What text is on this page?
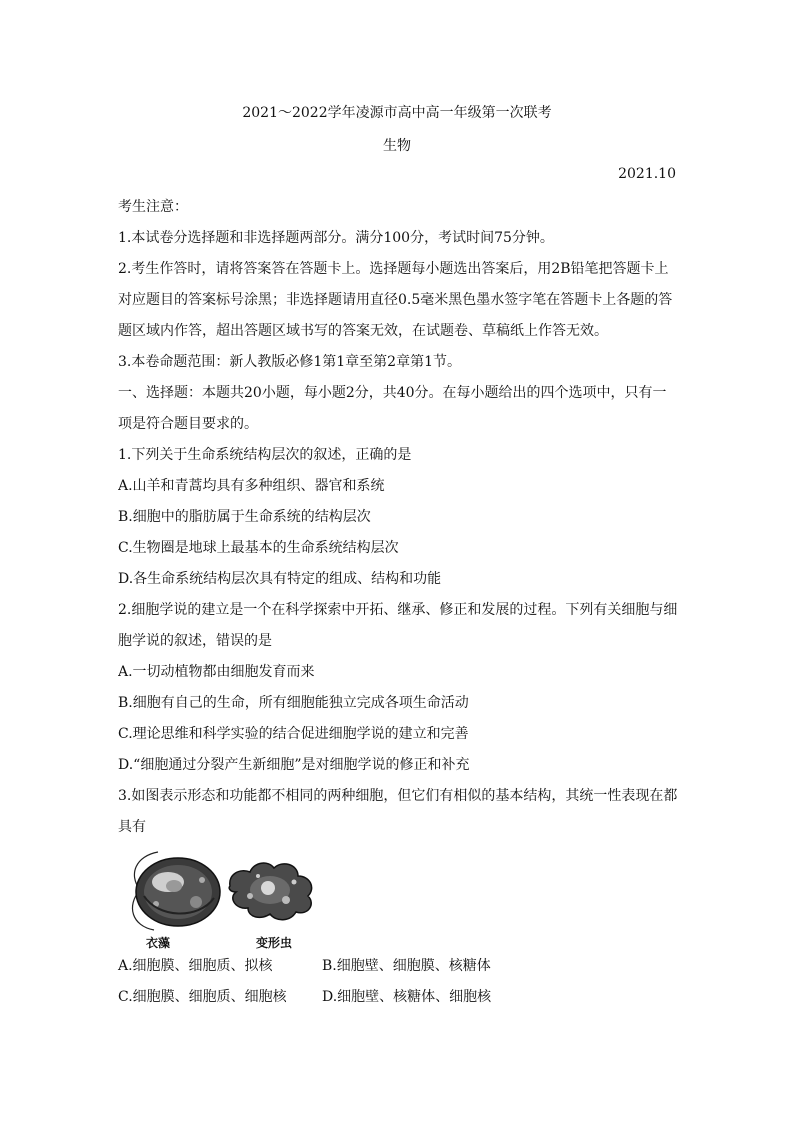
2021～2022学年凌源市高中高一年级第一次联考
生物
2021.10
考生注意：
1.本试卷分选择题和非选择题两部分。满分100分，考试时间75分钟。
2.考生作答时，请将答案答在答题卡上。选择题每小题选出答案后，用2B铅笔把答题卡上
对应题目的答案标号涂黑；非选择题请用直径0.5毫米黑色墨水签字笔在答题卡上各题的答
题区域内作答，超出答题区域书写的答案无效，在试题卷、草稿纸上作答无效。
3.本卷命题范围：新人教版必修1第1章至第2章第1节。
一、选择题：本题共20小题，每小题2分，共40分。在每小题给出的四个选项中，只有一
项是符合题目要求的。
1.下列关于生命系统结构层次的叙述，正确的是
A.山羊和青蒿均具有多种组织、器官和系统
B.细胞中的脂肪属于生命系统的结构层次
C.生物圈是地球上最基本的生命系统结构层次
D.各生命系统结构层次具有特定的组成、结构和功能
2.细胞学说的建立是一个在科学探索中开拓、继承、修正和发展的过程。下列有关细胞与细
胞学说的叙述，错误的是
A.一切动植物都由细胞发育而来
B.细胞有自己的生命，所有细胞能独立完成各项生命活动
C.理论思维和科学实验的结合促进细胞学说的建立和完善
D.“细胞通过分裂产生新细胞”是对细胞学说的修正和补充
3.如图表示形态和功能都不相同的两种细胞，但它们有相似的基本结构，其统一性表现在都
具有
衣藻	变形虫
A.细胞膜、细胞质、拟核	B.细胞壁、细胞膜、核糖体
C.细胞膜、细胞质、细胞核	D.细胞壁、核糖体、细胞核
